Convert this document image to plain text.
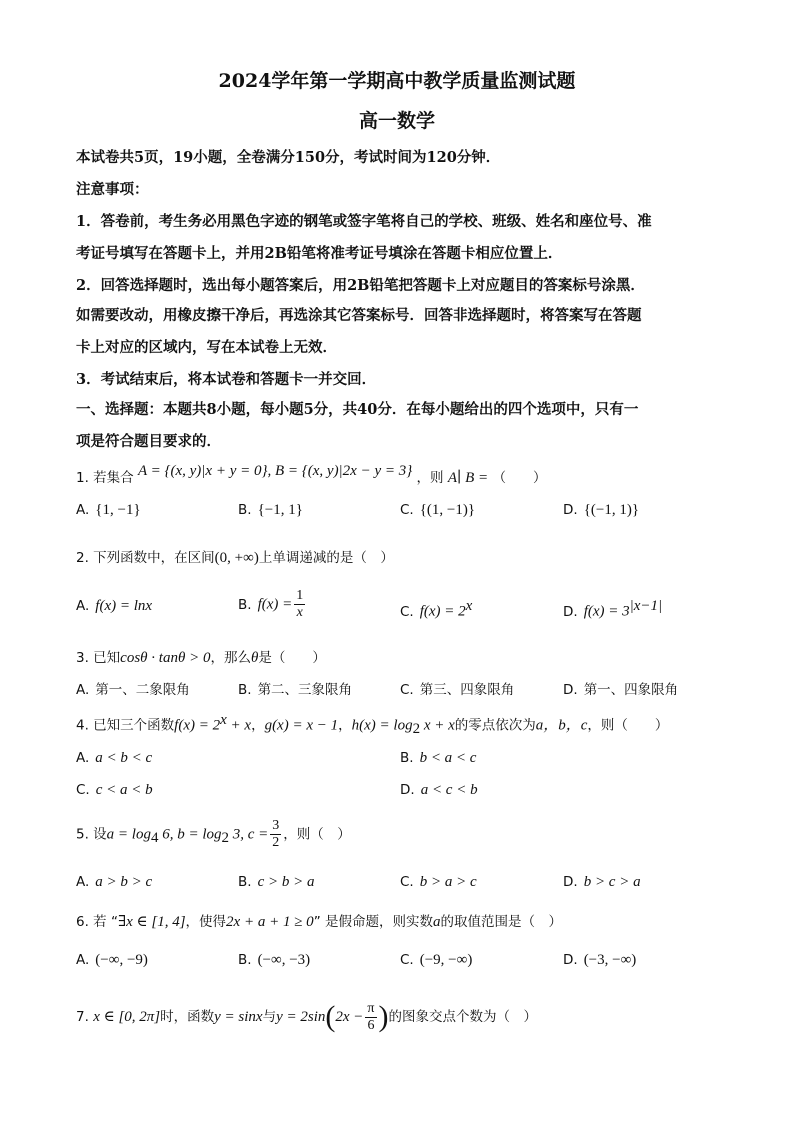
2024学年第一学期高中教学质量监测试题
高一数学
本试卷共5页，19小题，全卷满分150分，考试时间为120分钟．
注意事项：
1．答卷前，考生务必用黑色字迹的钢笔或签字笔将自己的学校、班级、姓名和座位号、准
考证号填写在答题卡上，并用2B铅笔将准考证号填涂在答题卡相应位置上．
2．回答选择题时，选出每小题答案后，用2B铅笔把答题卡上对应题目的答案标号涂黑．
如需要改动，用橡皮擦干净后，再选涂其它答案标号．回答非选择题时，将答案写在答题
卡上对应的区域内，写在本试卷上无效．
3．考试结束后，将本试卷和答题卡一并交回．
一、选择题：本题共8小题，每小题5分，共40分．在每小题给出的四个选项中，只有一
项是符合题目要求的．
1. 若集合 A = {(x, y)|x + y = 0}, B = {(x, y)|2x − y = 3} ，则 A∣ B = （　　）
A. {1, −1}	B. {−1, 1}	C. {(1, −1)}	D. {(−1, 1)}
2. 下列函数中，在区间(0, +∞)上单调递减的是（　）
A. f(x) = lnx	B. $f(x) = \frac{1}{x}$	C. $f(x) = 2^x$	D. $f(x) = 3^{|x-1|}$
3. 已知cosθ · tanθ > 0，那么θ是（　　）
A. 第一、二象限角	B. 第二、三象限角	C. 第三、四象限角	D. 第一、四象限角
4. 已知三个函数$f(x) = 2^x + x$，g(x) = x − 1，$h(x) = \log_2 x + x$的零点依次为a，b，c，则（　　）
A. a < b < c	B. b < a < c
C. c < a < b	D. a < c < b
5. 设$a = \log_4 6$, $b = \log_2 3$, $c = \frac{3}{2}$ ，则（　）
A. a > b > c	B. c > b > a	C. b > a > c	D. b > c > a
6. 若 “∃x ∈ [1, 4]，使得2x + a + 1 ≥ 0” 是假命题，则实数a的取值范围是（　）
A. (−∞, −9)	B. (−∞, −3)	C. (−9, −∞)	D. (−3, −∞)
7. x ∈ [0, 2π]时，函数y = sinx与$y = 2\sin(2x - \frac{\pi}{6}$ )的图象交点个数为（　）
